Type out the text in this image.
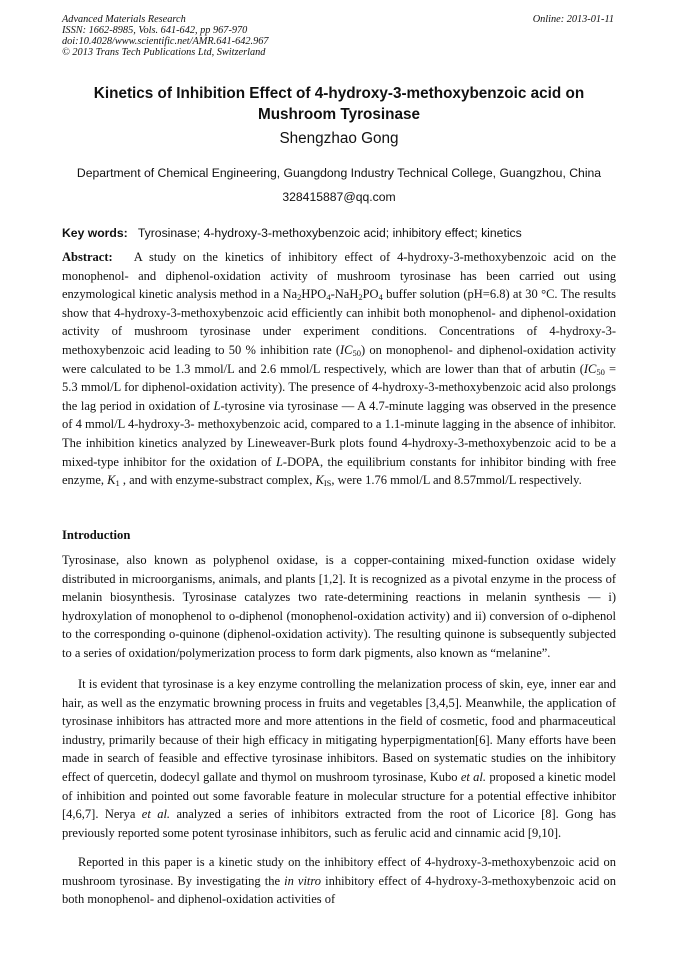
Advanced Materials Research
ISSN: 1662-8985, Vols. 641-642, pp 967-970
doi:10.4028/www.scientific.net/AMR.641-642.967
© 2013 Trans Tech Publications Ltd, Switzerland
Online: 2013-01-11
Kinetics of Inhibition Effect of 4-hydroxy-3-methoxybenzoic acid on
Mushroom Tyrosinase
Shengzhao Gong
Department of Chemical Engineering, Guangdong Industry Technical College, Guangzhou, China
328415887@qq.com
Key words: Tyrosinase; 4-hydroxy-3-methoxybenzoic acid; inhibitory effect; kinetics
Abstract: A study on the kinetics of inhibitory effect of 4-hydroxy-3-methoxybenzoic acid on the monophenol- and diphenol-oxidation activity of mushroom tyrosinase has been carried out using enzymological kinetic analysis method in a $Na_2HPO_4-NaH_2PO_4$ buffer solution (pH=6.8) at 30 °C. The results show that 4-hydroxy-3-methoxybenzoic acid efficiently can inhibit both monophenol- and diphenol-oxidation activity of mushroom tyrosinase under experiment conditions. Concentrations of 4-hydroxy-3-methoxybenzoic acid leading to 50 % inhibition rate $(IC_{50})$ on monophenol- and diphenol-oxidation activity were calculated to be 1.3 mmol/L and 2.6 mmol/L respectively, which are lower than that of arbutin ($IC_{50} = 5.3$ mmol/L for diphenol-oxidation activity). The presence of 4-hydroxy-3-methoxybenzoic acid also prolongs the lag period in oxidation of L-tyrosine via tyrosinase — A 4.7-minute lagging was observed in the presence of 4 mmol/L 4-hydroxy-3- methoxybenzoic acid, compared to a 1.1-minute lagging in the absence of inhibitor. The inhibition kinetics analyzed by Lineweaver-Burk plots found 4-hydroxy-3-methoxybenzoic acid to be a mixed-type inhibitor for the oxidation of L-DOPA, the equilibrium constants for inhibitor binding with free enzyme, $K_1$ , and with enzyme-substract complex, $K_{IS}$, were 1.76 mmol/L and 8.57mmol/L respectively.
Introduction
Tyrosinase, also known as polyphenol oxidase, is a copper-containing mixed-function oxidase widely distributed in microorganisms, animals, and plants [1,2]. It is recognized as a pivotal enzyme in the process of melanin biosynthesis. Tyrosinase catalyzes two rate-determining reactions in melanin synthesis — i) hydroxylation of monophenol to o-diphenol (monophenol-oxidation activity) and ii) conversion of o-diphenol to the corresponding o-quinone (diphenol-oxidation activity). The resulting quinone is subsequently subjected to a series of oxidation/polymerization process to form dark pigments, also known as “melanine”.
It is evident that tyrosinase is a key enzyme controlling the melanization process of skin, eye, inner ear and hair, as well as the enzymatic browning process in fruits and vegetables [3,4,5]. Meanwhile, the application of tyrosinase inhibitors has attracted more and more attentions in the field of cosmetic, food and pharmaceutical industry, primarily because of their high efficacy in mitigating hyperpigmentation[6]. Many efforts have been made in search of feasible and effective tyrosinase inhibitors. Based on systematic studies on the inhibitory effect of quercetin, dodecyl gallate and thymol on mushroom tyrosinase, Kubo et al. proposed a kinetic model of inhibition and pointed out some favorable feature in molecular structure for a potential effective inhibitor [4,6,7]. Nerya et al. analyzed a series of inhibitors extracted from the root of Licorice [8]. Gong has previously reported some potent tyrosinase inhibitors, such as ferulic acid and cinnamic acid [9,10].
Reported in this paper is a kinetic study on the inhibitory effect of 4-hydroxy-3-methoxybenzoic acid on mushroom tyrosinase. By investigating the in vitro inhibitory effect of 4-hydroxy-3-methoxybenzoic acid on both monophenol- and diphenol-oxidation activities of
